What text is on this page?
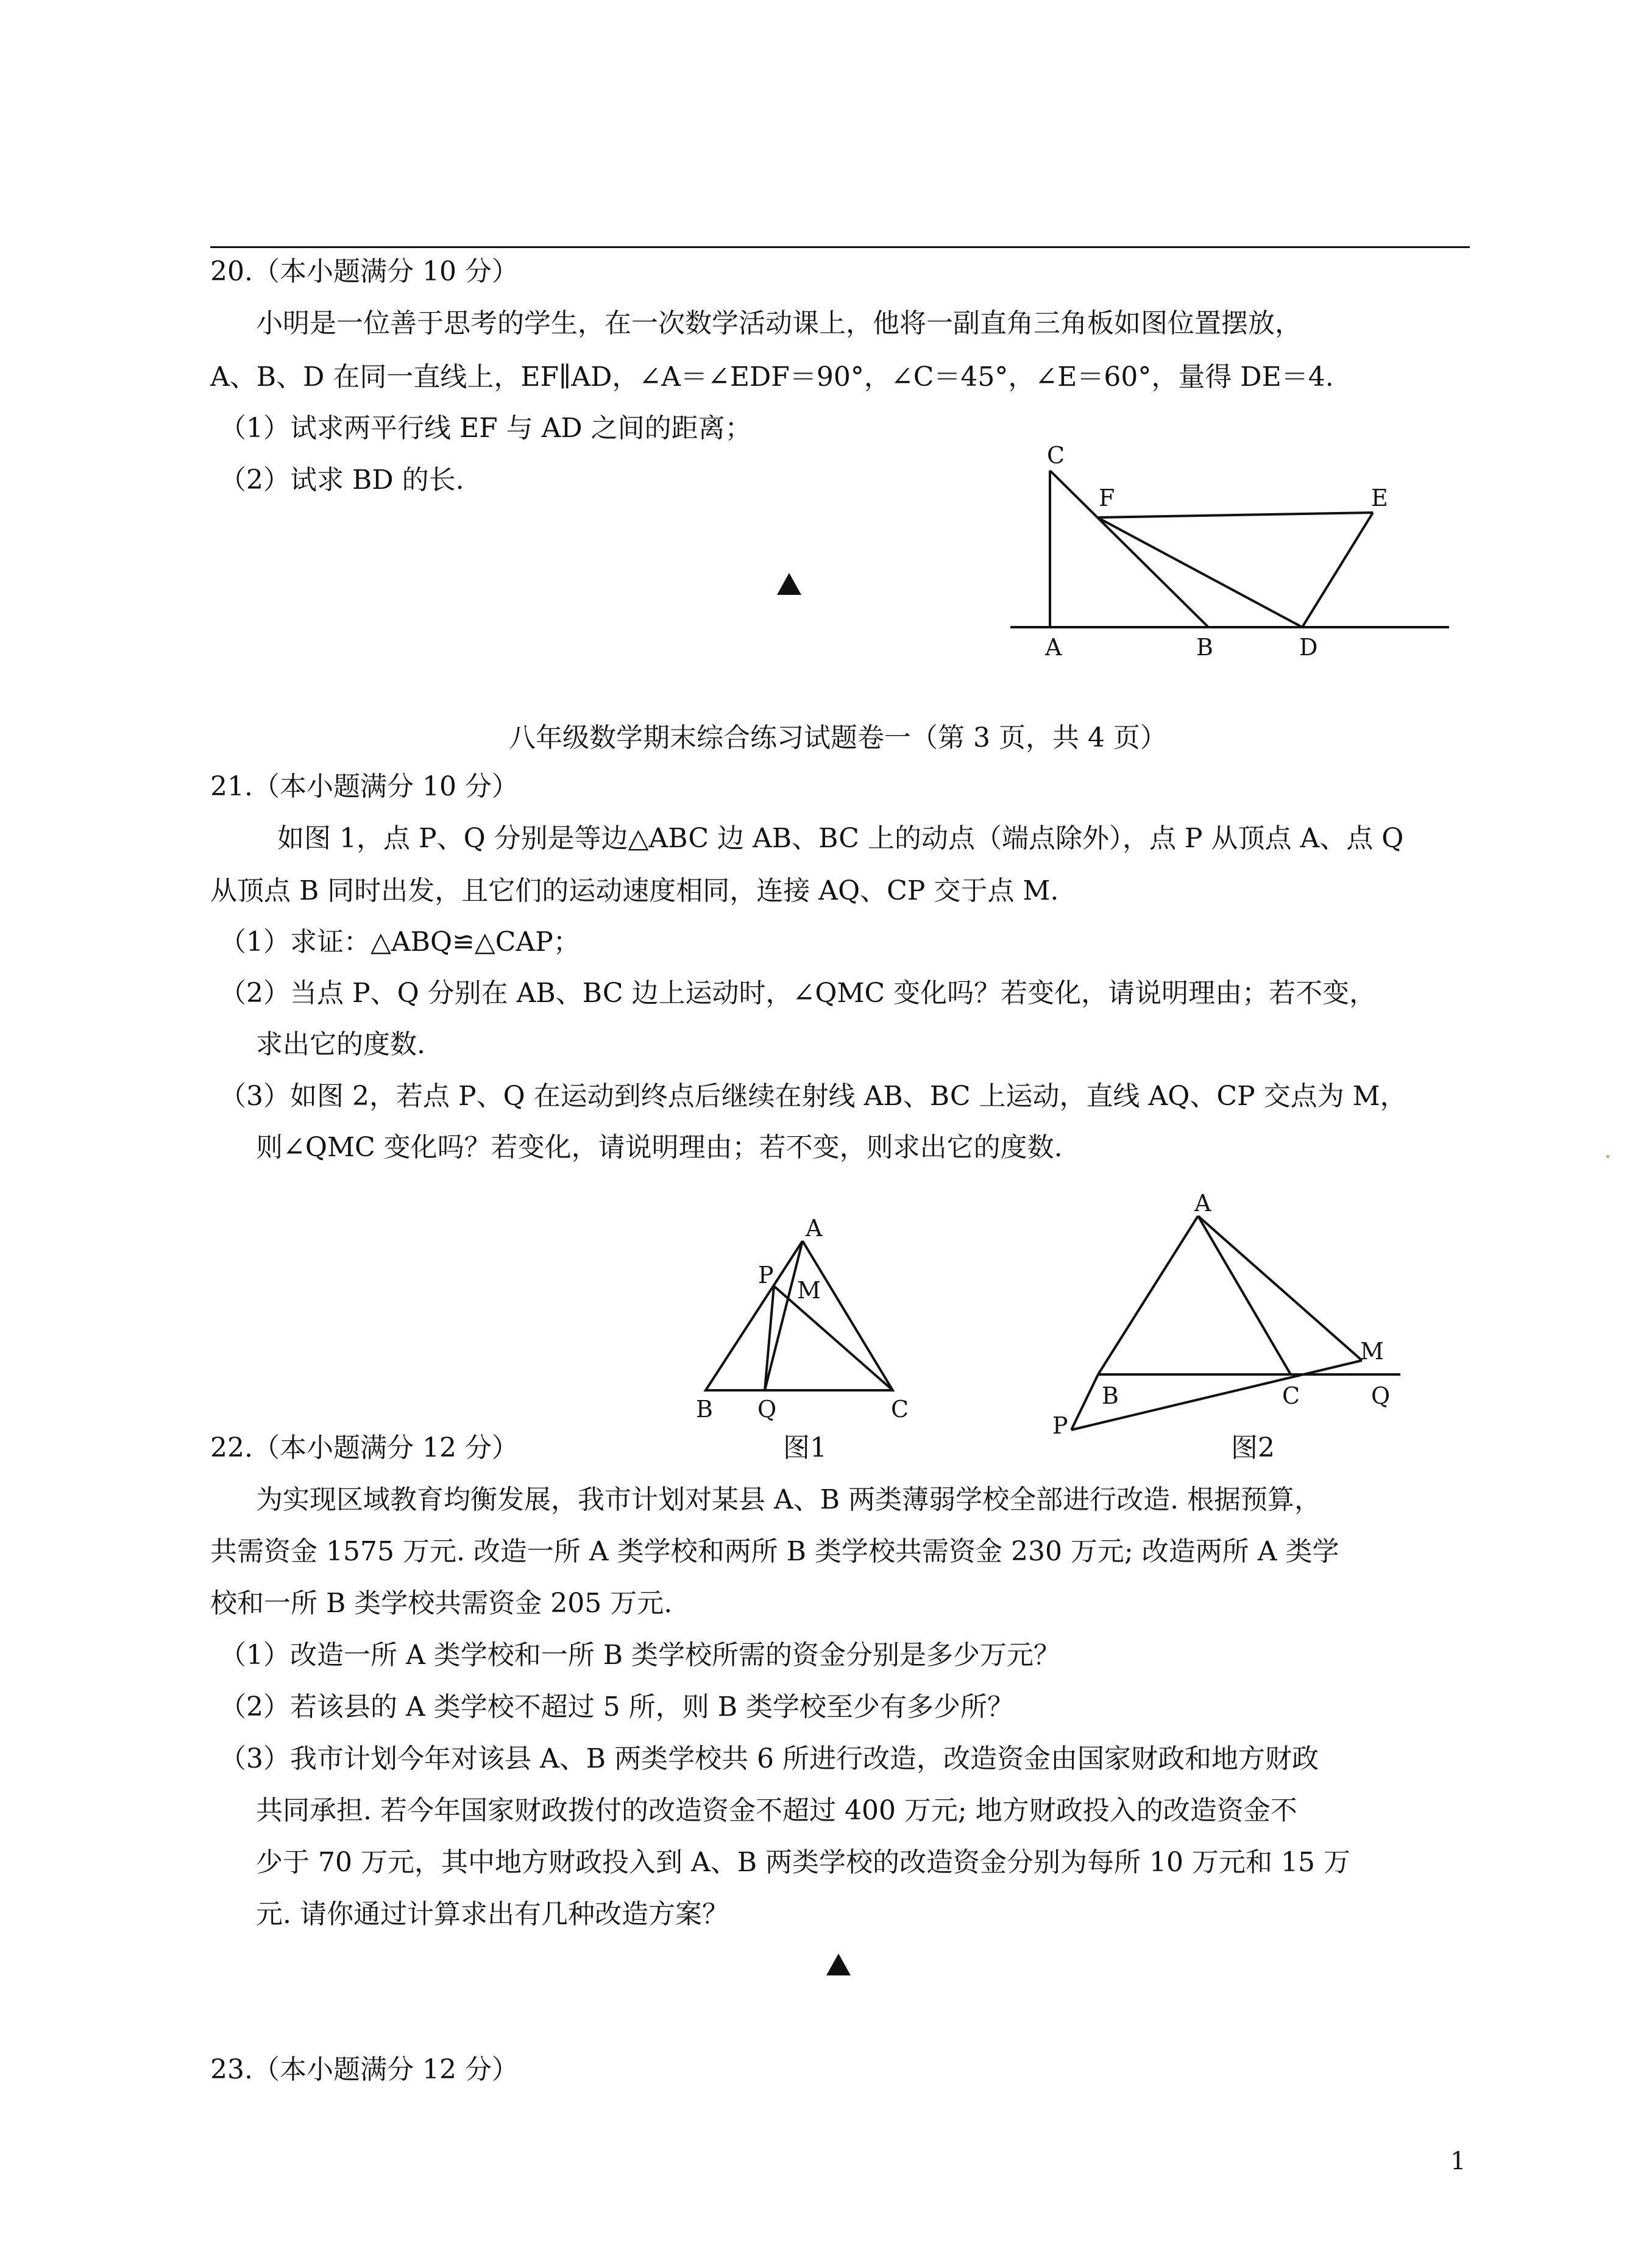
20.（本小题满分 10 分）
小明是一位善于思考的学生，在一次数学活动课上，他将一副直角三角板如图位置摆放，
A、B、D 在同一直线上，EF∥AD，∠A＝∠EDF＝90°，∠C＝45°，∠E＝60°，量得 DE＝4.
（1）试求两平行线 EF 与 AD 之间的距离；
（2）试求 BD 的长.
C
F	E
A	B	D
A
P
M
B Q	C
A
M
B	C	Q
P
八年级数学期末综合练习试题卷一（第 3 页，共 4 页）
21.（本小题满分 10 分）
如图 1，点 P、Q 分别是等边△ABC 边 AB、BC 上的动点（端点除外），点 P 从顶点 A、点 Q
从顶点 B 同时出发，且它们的运动速度相同，连接 AQ、CP 交于点 M.
（1）求证：△ABQ≌△CAP；
（2）当点 P、Q 分别在 AB、BC 边上运动时，∠QMC 变化吗？若变化，请说明理由；若不变，
求出它的度数.
（3）如图 2，若点 P、Q 在运动到终点后继续在射线 AB、BC 上运动，直线 AQ、CP 交点为 M，
则∠QMC 变化吗？若变化，请说明理由；若不变，则求出它的度数.
图1	图2
22.（本小题满分 12 分）
为实现区域教育均衡发展，我市计划对某县 A、B 两类薄弱学校全部进行改造. 根据预算，
共需资金 1575 万元. 改造一所 A 类学校和两所 B 类学校共需资金 230 万元; 改造两所 A 类学
校和一所 B 类学校共需资金 205 万元.
（1）改造一所 A 类学校和一所 B 类学校所需的资金分别是多少万元？
（2）若该县的 A 类学校不超过 5 所，则 B 类学校至少有多少所？
（3）我市计划今年对该县 A、B 两类学校共 6 所进行改造，改造资金由国家财政和地方财政
共同承担. 若今年国家财政拨付的改造资金不超过 400 万元; 地方财政投入的改造资金不
少于 70 万元，其中地方财政投入到 A、B 两类学校的改造资金分别为每所 10 万元和 15 万
元. 请你通过计算求出有几种改造方案？
23.（本小题满分 12 分）
1
